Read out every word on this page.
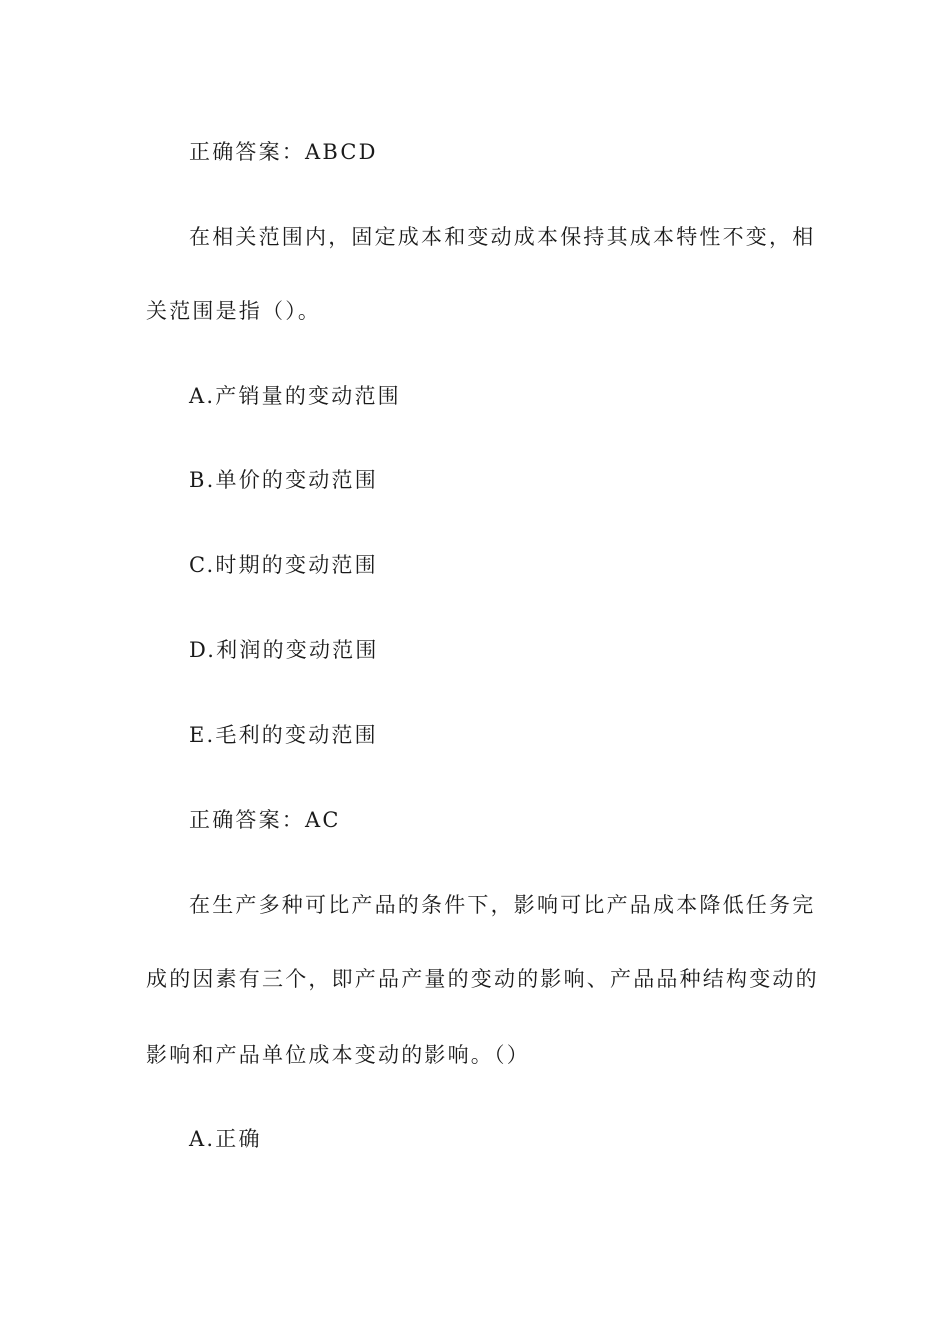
正确答案：ABCD
在相关范围内，固定成本和变动成本保持其成本特性不变，相
关范围是指（）。
A.产销量的变动范围
B.单价的变动范围
C.时期的变动范围
D.利润的变动范围
E.毛利的变动范围
正确答案：AC
在生产多种可比产品的条件下，影响可比产品成本降低任务完
成的因素有三个，即产品产量的变动的影响、产品品种结构变动的
影响和产品单位成本变动的影响。（）
A.正确
